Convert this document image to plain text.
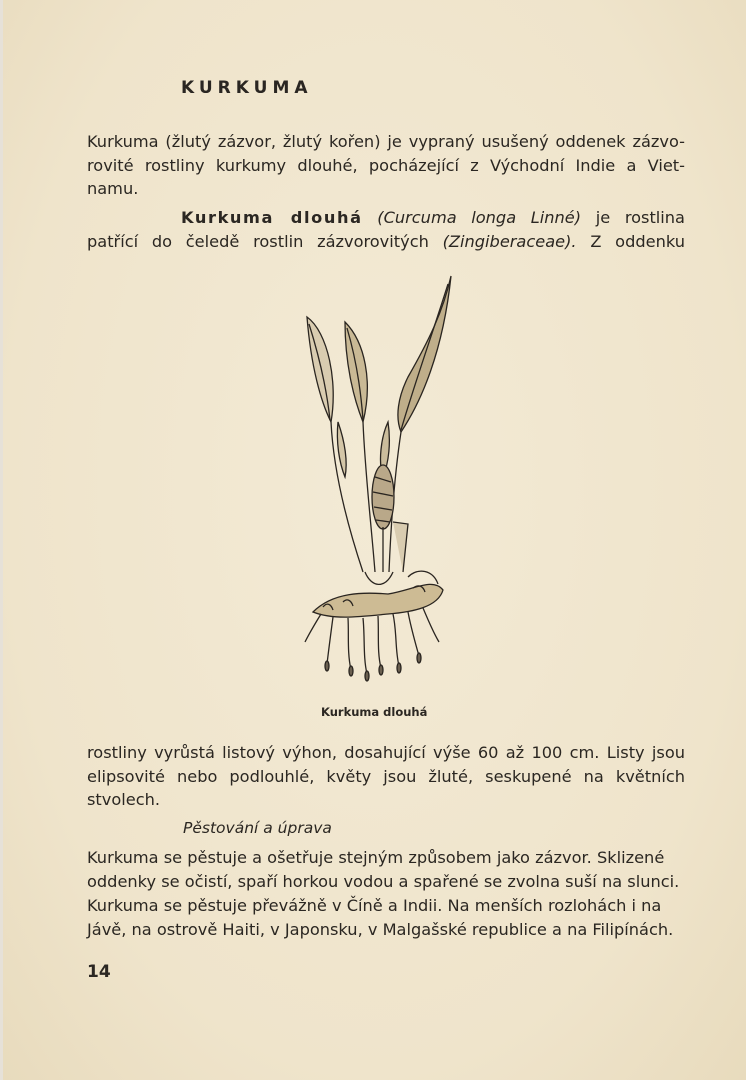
KURKUMA
Kurkuma (žlutý zázvor, žlutý kořen) je vypraný usušený oddenek zázvo-
rovité rostliny kurkumy dlouhé, pocházející z Východní Indie a Viet-
namu.
Kurkuma dlouhá (Curcuma longa Linné) je rostlina
patřící do čeledě rostlin zázvorovitých (Zingiberaceae). Z oddenku
Kurkuma dlouhá
rostliny vyrůstá listový výhon, dosahující výše 60 až 100 cm. Listy jsou
elipsovité nebo podlouhlé, květy jsou žluté, seskupené na květních
stvolech.
Pěstování a úprava
Kurkuma se pěstuje a ošetřuje stejným způsobem jako zázvor. Sklizené
oddenky se očistí, spaří horkou vodou a spařené se zvolna suší na slunci.
Kurkuma se pěstuje převážně v Číně a Indii. Na menších rozlohách i na
Jávě, na ostrově Haiti, v Japonsku, v Malgašské republice a na Filipínách.
14
